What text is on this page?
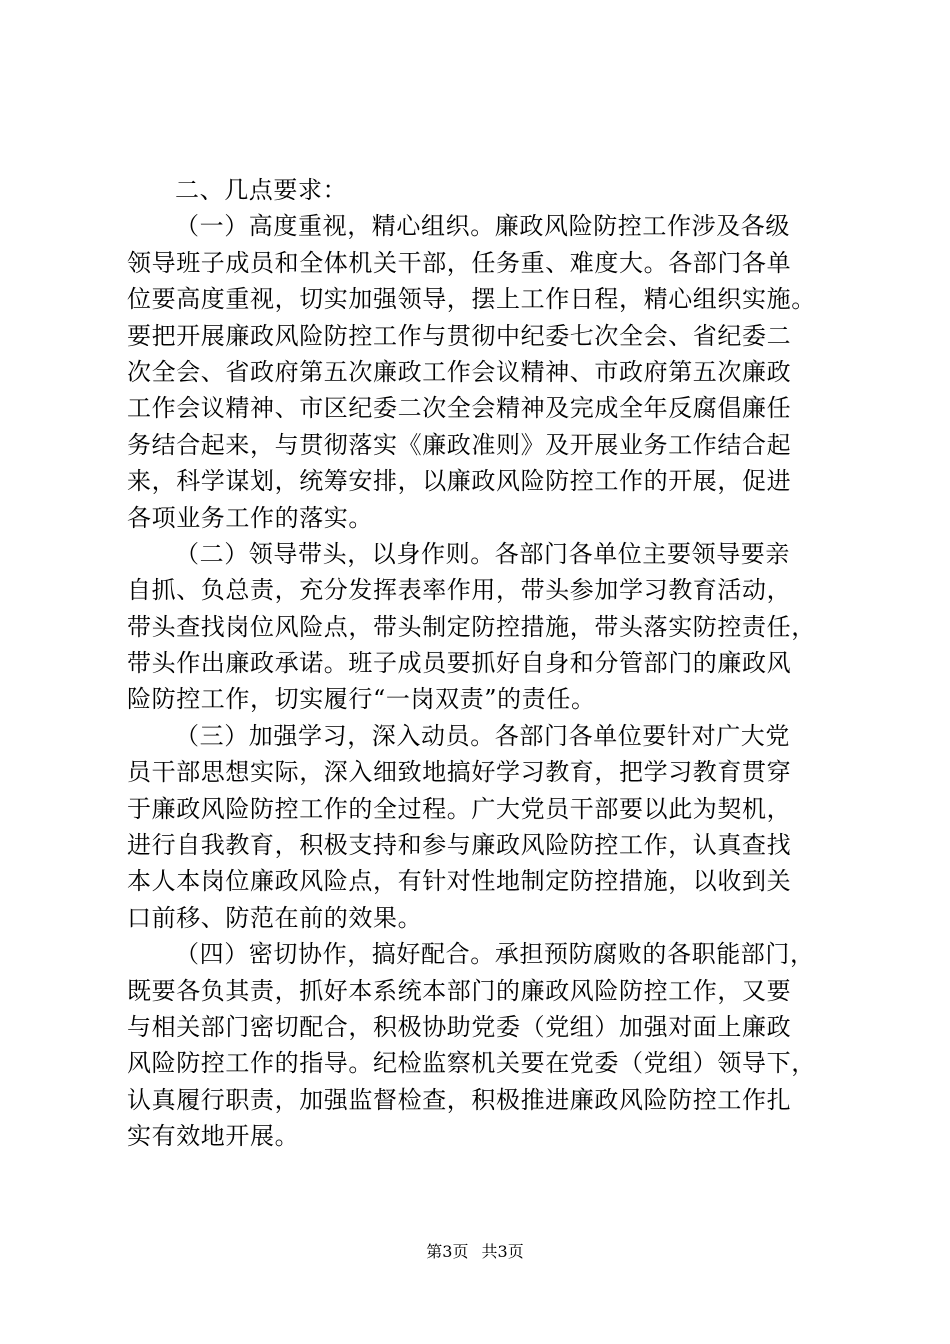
二、几点要求：
（一）高度重视，精心组织。廉政风险防控工作涉及各级
领导班子成员和全体机关干部，任务重、难度大。各部门各单
位要高度重视，切实加强领导，摆上工作日程，精心组织实施。
要把开展廉政风险防控工作与贯彻中纪委七次全会、省纪委二
次全会、省政府第五次廉政工作会议精神、市政府第五次廉政
工作会议精神、市区纪委二次全会精神及完成全年反腐倡廉任
务结合起来，与贯彻落实《廉政准则》及开展业务工作结合起
来，科学谋划，统筹安排，以廉政风险防控工作的开展，促进
各项业务工作的落实。
（二）领导带头，以身作则。各部门各单位主要领导要亲
自抓、负总责，充分发挥表率作用，带头参加学习教育活动，
带头查找岗位风险点，带头制定防控措施，带头落实防控责任，
带头作出廉政承诺。班子成员要抓好自身和分管部门的廉政风
险防控工作，切实履行“一岗双责”的责任。
（三）加强学习，深入动员。各部门各单位要针对广大党
员干部思想实际，深入细致地搞好学习教育，把学习教育贯穿
于廉政风险防控工作的全过程。广大党员干部要以此为契机，
进行自我教育，积极支持和参与廉政风险防控工作，认真查找
本人本岗位廉政风险点，有针对性地制定防控措施，以收到关
口前移、防范在前的效果。
（四）密切协作，搞好配合。承担预防腐败的各职能部门，
既要各负其责，抓好本系统本部门的廉政风险防控工作，又要
与相关部门密切配合，积极协助党委（党组）加强对面上廉政
风险防控工作的指导。纪检监察机关要在党委（党组）领导下，
认真履行职责，加强监督检查，积极推进廉政风险防控工作扎
实有效地开展。
第3页 共3页
